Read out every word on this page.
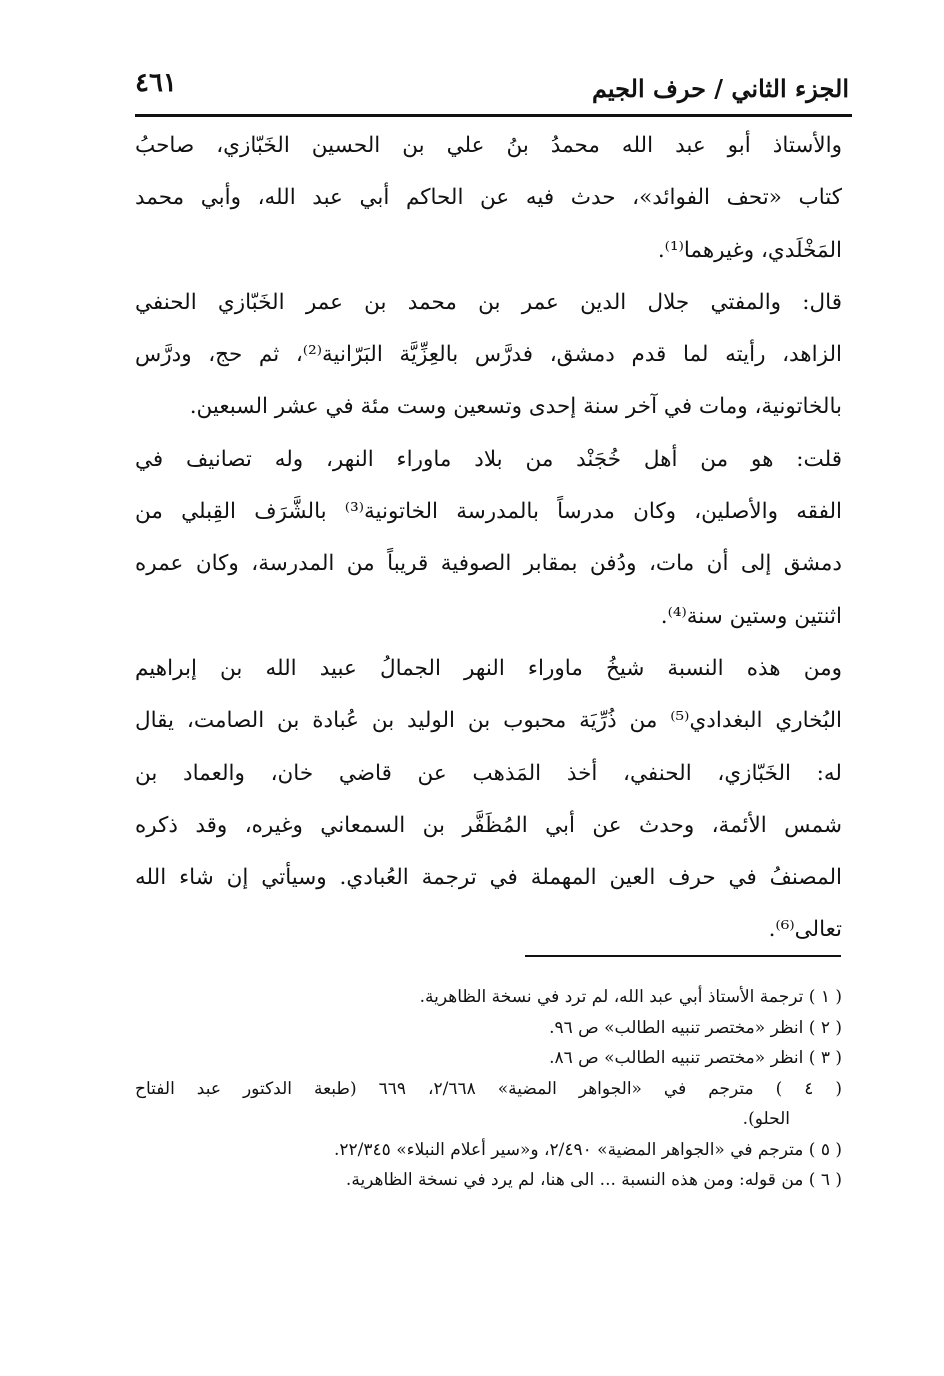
الجزء الثاني / حرف الجيم
٤٦١
والأستاذ أبو عبد الله محمدُ بنُ علي بن الحسين الخَبّازي، صاحبُ
كتاب «تحف الفوائد»، حدث فيه عن الحاكم أبي عبد الله، وأبي محمد
المَخْلَدي، وغيرهما⁽¹⁾.
قال: والمفتي جلال الدين عمر بن محمد بن عمر الخَبّازي الحنفي
الزاهد، رأيته لما قدم دمشق، فدرَّس بالعِزِّيَّة البَرّانية⁽²⁾، ثم حج، ودرَّس
بالخاتونية، ومات في آخر سنة إحدى وتسعين وست مئة في عشر السبعين.
قلت: هو من أهل خُجَنْد من بلاد ماوراء النهر، وله تصانيف في
الفقه والأصلين، وكان مدرساً بالمدرسة الخاتونية⁽³⁾ بالشَّرَف القِبلي من
دمشق إلى أن مات، ودُفن بمقابر الصوفية قريباً من المدرسة، وكان عمره
اثنتين وستين سنة⁽⁴⁾.
ومن هذه النسبة شيخُ ماوراء النهر الجمالُ عبيد الله بن إبراهيم
البُخاري البغدادي⁽⁵⁾ من ذُرِّيَة محبوب بن الوليد بن عُبادة بن الصامت، يقال
له: الخَبّازي، الحنفي، أخذ المَذهب عن قاضي خان، والعماد بن
شمس الأئمة، وحدث عن أبي المُظَفَّر بن السمعاني وغيره، وقد ذكره
المصنفُ في حرف العين المهملة في ترجمة العُبادي. وسيأتي إن شاء الله
تعالى⁽⁶⁾.
( ١ ) ترجمة الأستاذ أبي عبد الله، لم ترد في نسخة الظاهرية.
( ٢ ) انظر «مختصر تنبيه الطالب» ص ٩٦.
( ٣ ) انظر «مختصر تنبيه الطالب» ص ٨٦.
( ٤ ) مترجم في «الجواهر المضية» ٢/٦٦٨، ٦٦٩ (طبعة الدكتور عبد الفتاح
الحلو).
( ٥ ) مترجم في «الجواهر المضية» ٢/٤٩٠، و«سير أعلام النبلاء» ٢٢/٣٤٥.
( ٦ ) من قوله: ومن هذه النسبة ... الى هنا، لم يرد في نسخة الظاهرية.
